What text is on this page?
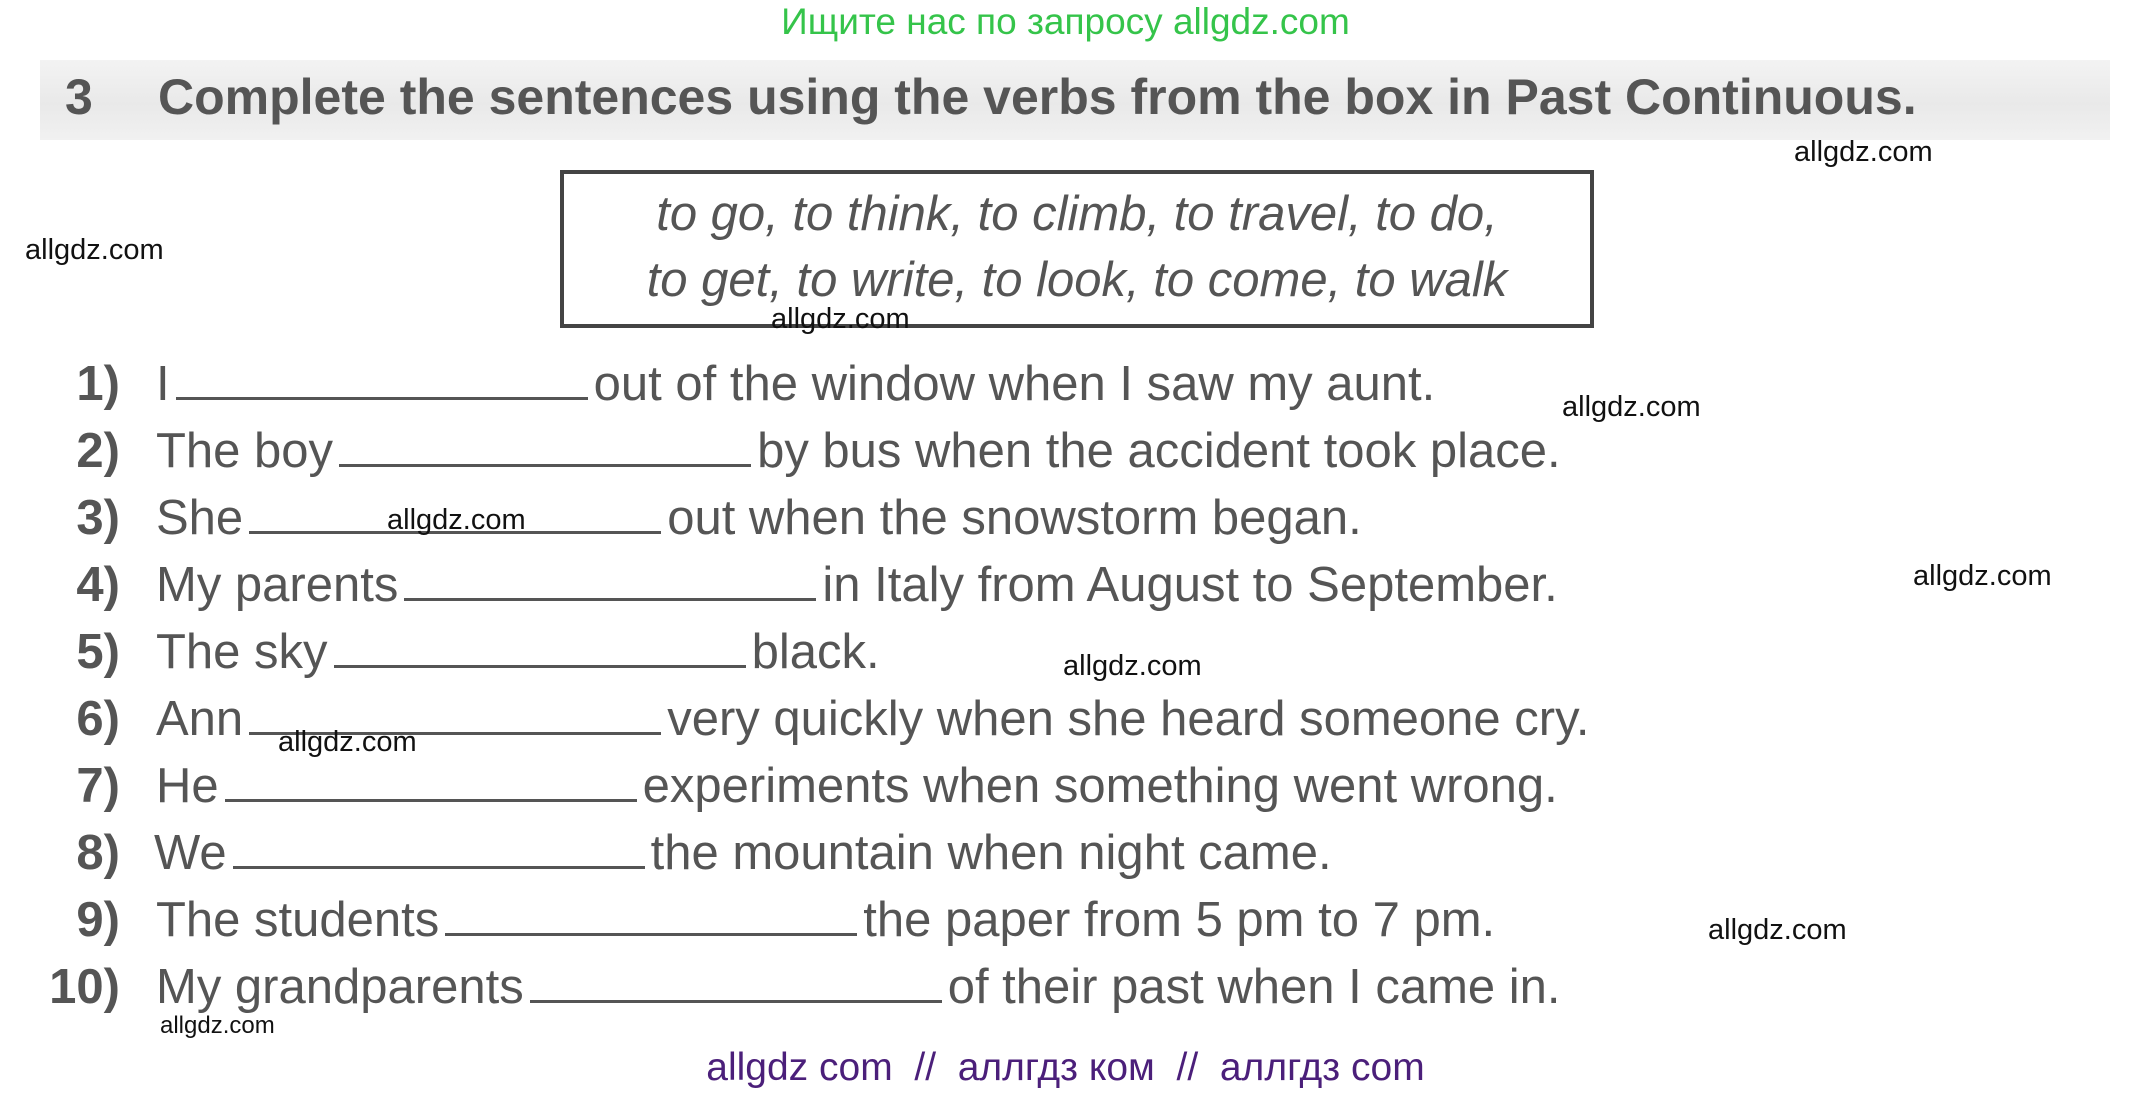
Ищите нас по запросу allgdz.com
3 Complete the sentences using the verbs from the box in Past Continuous.
to go, to think, to climb, to travel, to do,
to get, to write, to look, to come, to walk
1) I	out of the window when I saw my aunt.
2) The boy	by bus when the accident took place.
3) She	out when the snowstorm began.
4) My parents	in Italy from August to September.
5) The sky	black.
6) Ann	very quickly when she heard someone cry.
7) He	experiments when something went wrong.
8) We	the mountain when night came.
9) The students	the paper from 5 pm to 7 pm.
10) My grandparents	of their past when I came in.
allgdz.com
allgdz.com
allgdz.com
allgdz.com
allgdz.com
allgdz.com
allgdz.com
allgdz.com
allgdz.com
allgdz.com
allgdz com  //  аллгдз ком  //  аллгдз com
